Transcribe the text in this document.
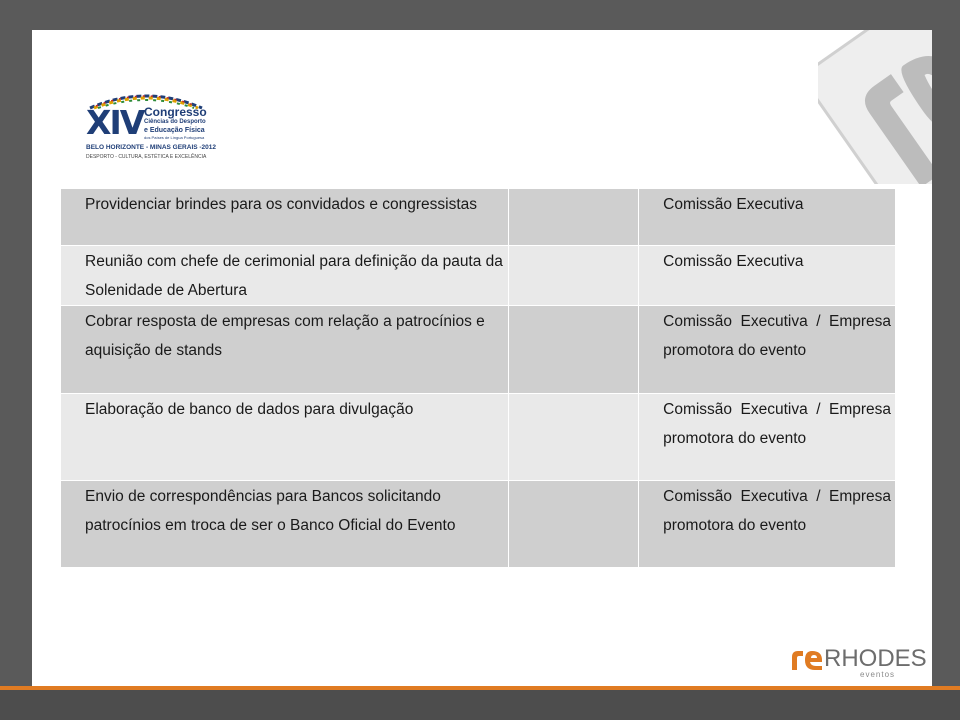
XIV Congresso
Ciências do Desporto
e Educação Física
dos Países de Língua Portuguesa
BELO HORIZONTE - MINAS GERAIS -2012
DESPORTO - CULTURA, ESTÉTICA E EXCELÊNCIA
Providenciar brindes para os convidados e congressistas		Comissão Executiva
Reunião com chefe de cerimonial para definição da pauta da Solenidade de Abertura		Comissão Executiva
Cobrar resposta de empresas com relação a patrocínios e aquisição de stands		Comissão Executiva / Empresa promotora do evento
Elaboração de banco de dados para divulgação		Comissão Executiva / Empresa promotora do evento
Envio de correspondências para Bancos solicitando patrocínios em troca de ser o Banco Oficial do Evento		Comissão Executiva / Empresa promotora do evento
RHODES
eventos
